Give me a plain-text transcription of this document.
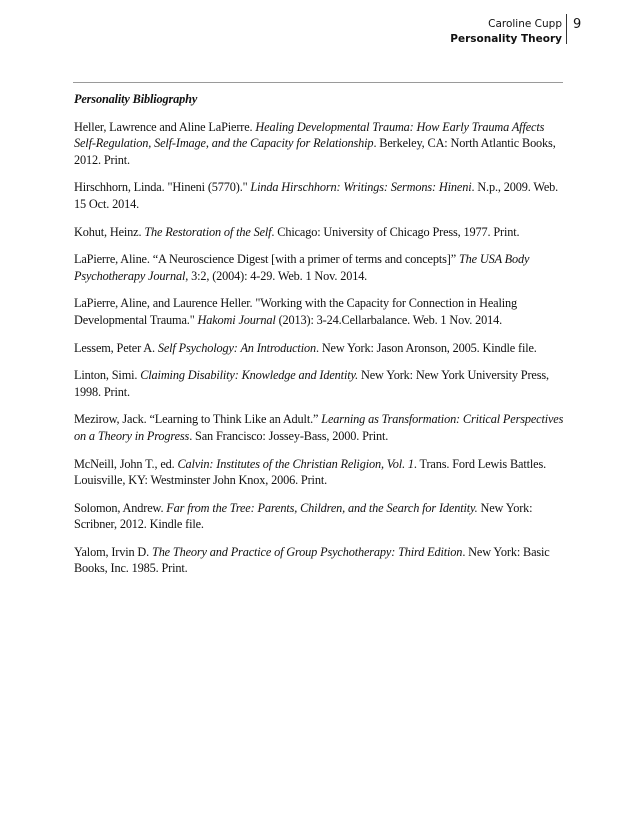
Caroline Cupp
Personality Theory
9

Personality Bibliography

Heller, Lawrence and Aline LaPierre. Healing Developmental Trauma: How Early Trauma Affects Self-Regulation, Self-Image, and the Capacity for Relationship. Berkeley, CA: North Atlantic Books, 2012. Print.

Hirschhorn, Linda. "Hineni (5770)." Linda Hirschhorn: Writings: Sermons: Hineni. N.p., 2009. Web. 15 Oct. 2014.

Kohut, Heinz. The Restoration of the Self. Chicago: University of Chicago Press, 1977. Print.

LaPierre, Aline. “A Neuroscience Digest [with a primer of terms and concepts]” The USA Body Psychotherapy Journal, 3:2, (2004): 4-29. Web. 1 Nov. 2014.

LaPierre, Aline, and Laurence Heller. "Working with the Capacity for Connection in Healing Developmental Trauma." Hakomi Journal (2013): 3-24.Cellarbalance. Web. 1 Nov. 2014.

Lessem, Peter A. Self Psychology: An Introduction. New York: Jason Aronson, 2005. Kindle file.

Linton, Simi. Claiming Disability: Knowledge and Identity. New York: New York University Press, 1998. Print.

Mezirow, Jack. “Learning to Think Like an Adult.” Learning as Transformation: Critical Perspectives on a Theory in Progress. San Francisco: Jossey-Bass, 2000. Print.

McNeill, John T., ed. Calvin: Institutes of the Christian Religion, Vol. 1. Trans. Ford Lewis Battles. Louisville, KY: Westminster John Knox, 2006. Print.

Solomon, Andrew. Far from the Tree: Parents, Children, and the Search for Identity. New York: Scribner, 2012. Kindle file.

Yalom, Irvin D. The Theory and Practice of Group Psychotherapy: Third Edition. New York: Basic Books, Inc. 1985. Print.
